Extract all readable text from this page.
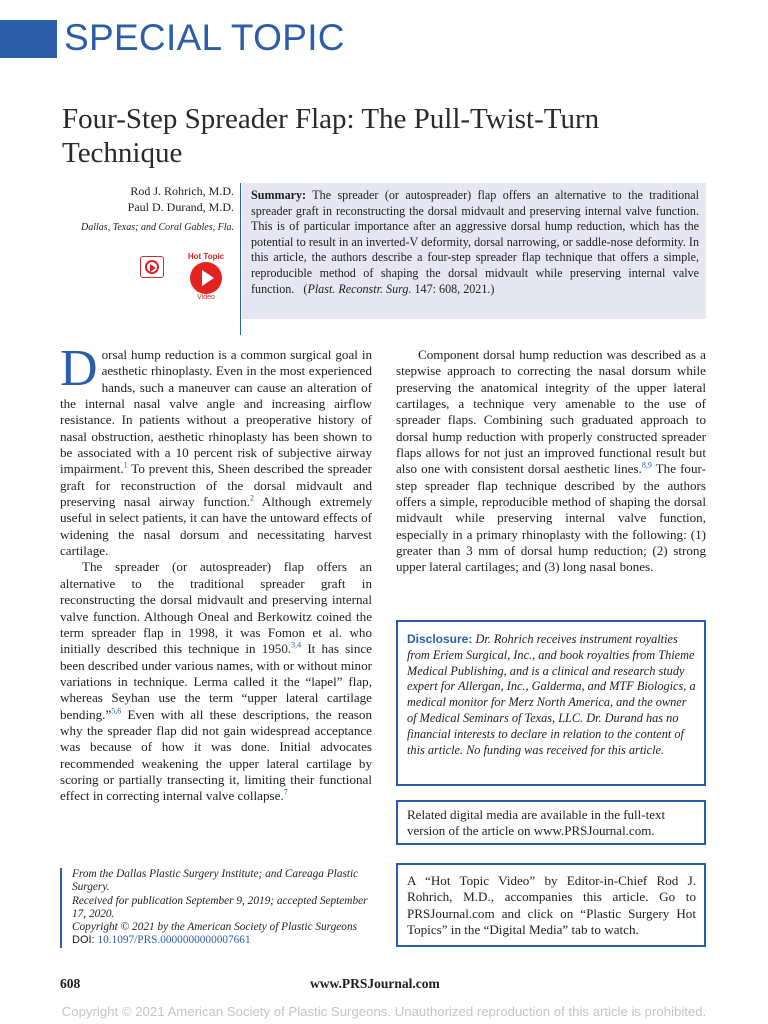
SPECIAL TOPIC
Four-Step Spreader Flap: The Pull-Twist-Turn Technique
Rod J. Rohrich, M.D.
Paul D. Durand, M.D.
Dallas, Texas; and Coral Gables, Fla.
Hot Topic
Video
Summary: The spreader (or autospreader) flap offers an alternative to the traditional spreader graft in reconstructing the dorsal midvault and preserving internal valve function. This is of particular importance after an aggressive dorsal hump reduction, which has the potential to result in an inverted-V deformity, dorsal narrowing, or saddle-nose deformity. In this article, the authors describe a four-step spreader flap technique that offers a simple, reproducible method of shaping the dorsal midvault while preserving internal valve function. (Plast. Reconstr. Surg. 147: 608, 2021.)

Dorsal hump reduction is a common surgical goal in aesthetic rhinoplasty. Even in the most experienced hands, such a maneuver can cause an alteration of the internal nasal valve angle and increasing airflow resistance. In patients without a preoperative history of nasal obstruction, aesthetic rhinoplasty has been shown to be associated with a 10 percent risk of subjective airway impairment.$^1$ To prevent this, Sheen described the spreader graft for reconstruction of the dorsal midvault and preserving nasal airway function.$^2$ Although extremely useful in select patients, it can have the untoward effects of widening the nasal dorsum and necessitating harvest cartilage.

The spreader (or autospreader) flap offers an alternative to the traditional spreader graft in reconstructing the dorsal midvault and preserving internal valve function. Although Oneal and Berkowitz coined the term spreader flap in 1998, it was Fomon et al. who initially described this technique in 1950.$^{3,4}$ It has since been described under various names, with or without minor variations in technique. Lerma called it the “lapel” flap, whereas Seyhan use the term “upper lateral cartilage bending.”$^{5,6}$ Even with all these descriptions, the reason why the spreader flap did not gain widespread acceptance was because of how it was done. Initial advocates recommended weakening the upper lateral cartilage by scoring or partially transecting it, limiting their functional effect in correcting internal valve collapse.$^7$

Component dorsal hump reduction was described as a stepwise approach to correcting the nasal dorsum while preserving the anatomical integrity of the upper lateral cartilages, a technique very amenable to the use of spreader flaps. Combining such graduated approach to dorsal hump reduction with properly constructed spreader flaps allows for not just an improved functional result but also one with consistent dorsal aesthetic lines.$^{8,9}$ The four-step spreader flap technique described by the authors offers a simple, reproducible method of shaping the dorsal midvault while preserving internal valve function, especially in a primary rhinoplasty with the following: (1) greater than 3 mm of dorsal hump reduction; (2) strong upper lateral cartilages; and (3) long nasal bones.

Disclosure: Dr. Rohrich receives instrument royalties from Eriem Surgical, Inc., and book royalties from Thieme Medical Publishing, and is a clinical and research study expert for Allergan, Inc., Galderma, and MTF Biologics, a medical monitor for Merz North America, and the owner of Medical Seminars of Texas, LLC. Dr. Durand has no financial interests to declare in relation to the content of this article. No funding was received for this article.
Related digital media are available in the full-text version of the article on www.PRSJournal.com.
A “Hot Topic Video” by Editor-in-Chief Rod J. Rohrich, M.D., accompanies this article. Go to PRSJournal.com and click on “Plastic Surgery Hot Topics” in the “Digital Media” tab to watch.
From the Dallas Plastic Surgery Institute; and Careaga Plastic Surgery.
Received for publication September 9, 2019; accepted September 17, 2020.
Copyright © 2021 by the American Society of Plastic Surgeons
DOI: 10.1097/PRS.0000000000007661
608	www.PRSJournal.com
Copyright © 2021 American Society of Plastic Surgeons. Unauthorized reproduction of this article is prohibited.
